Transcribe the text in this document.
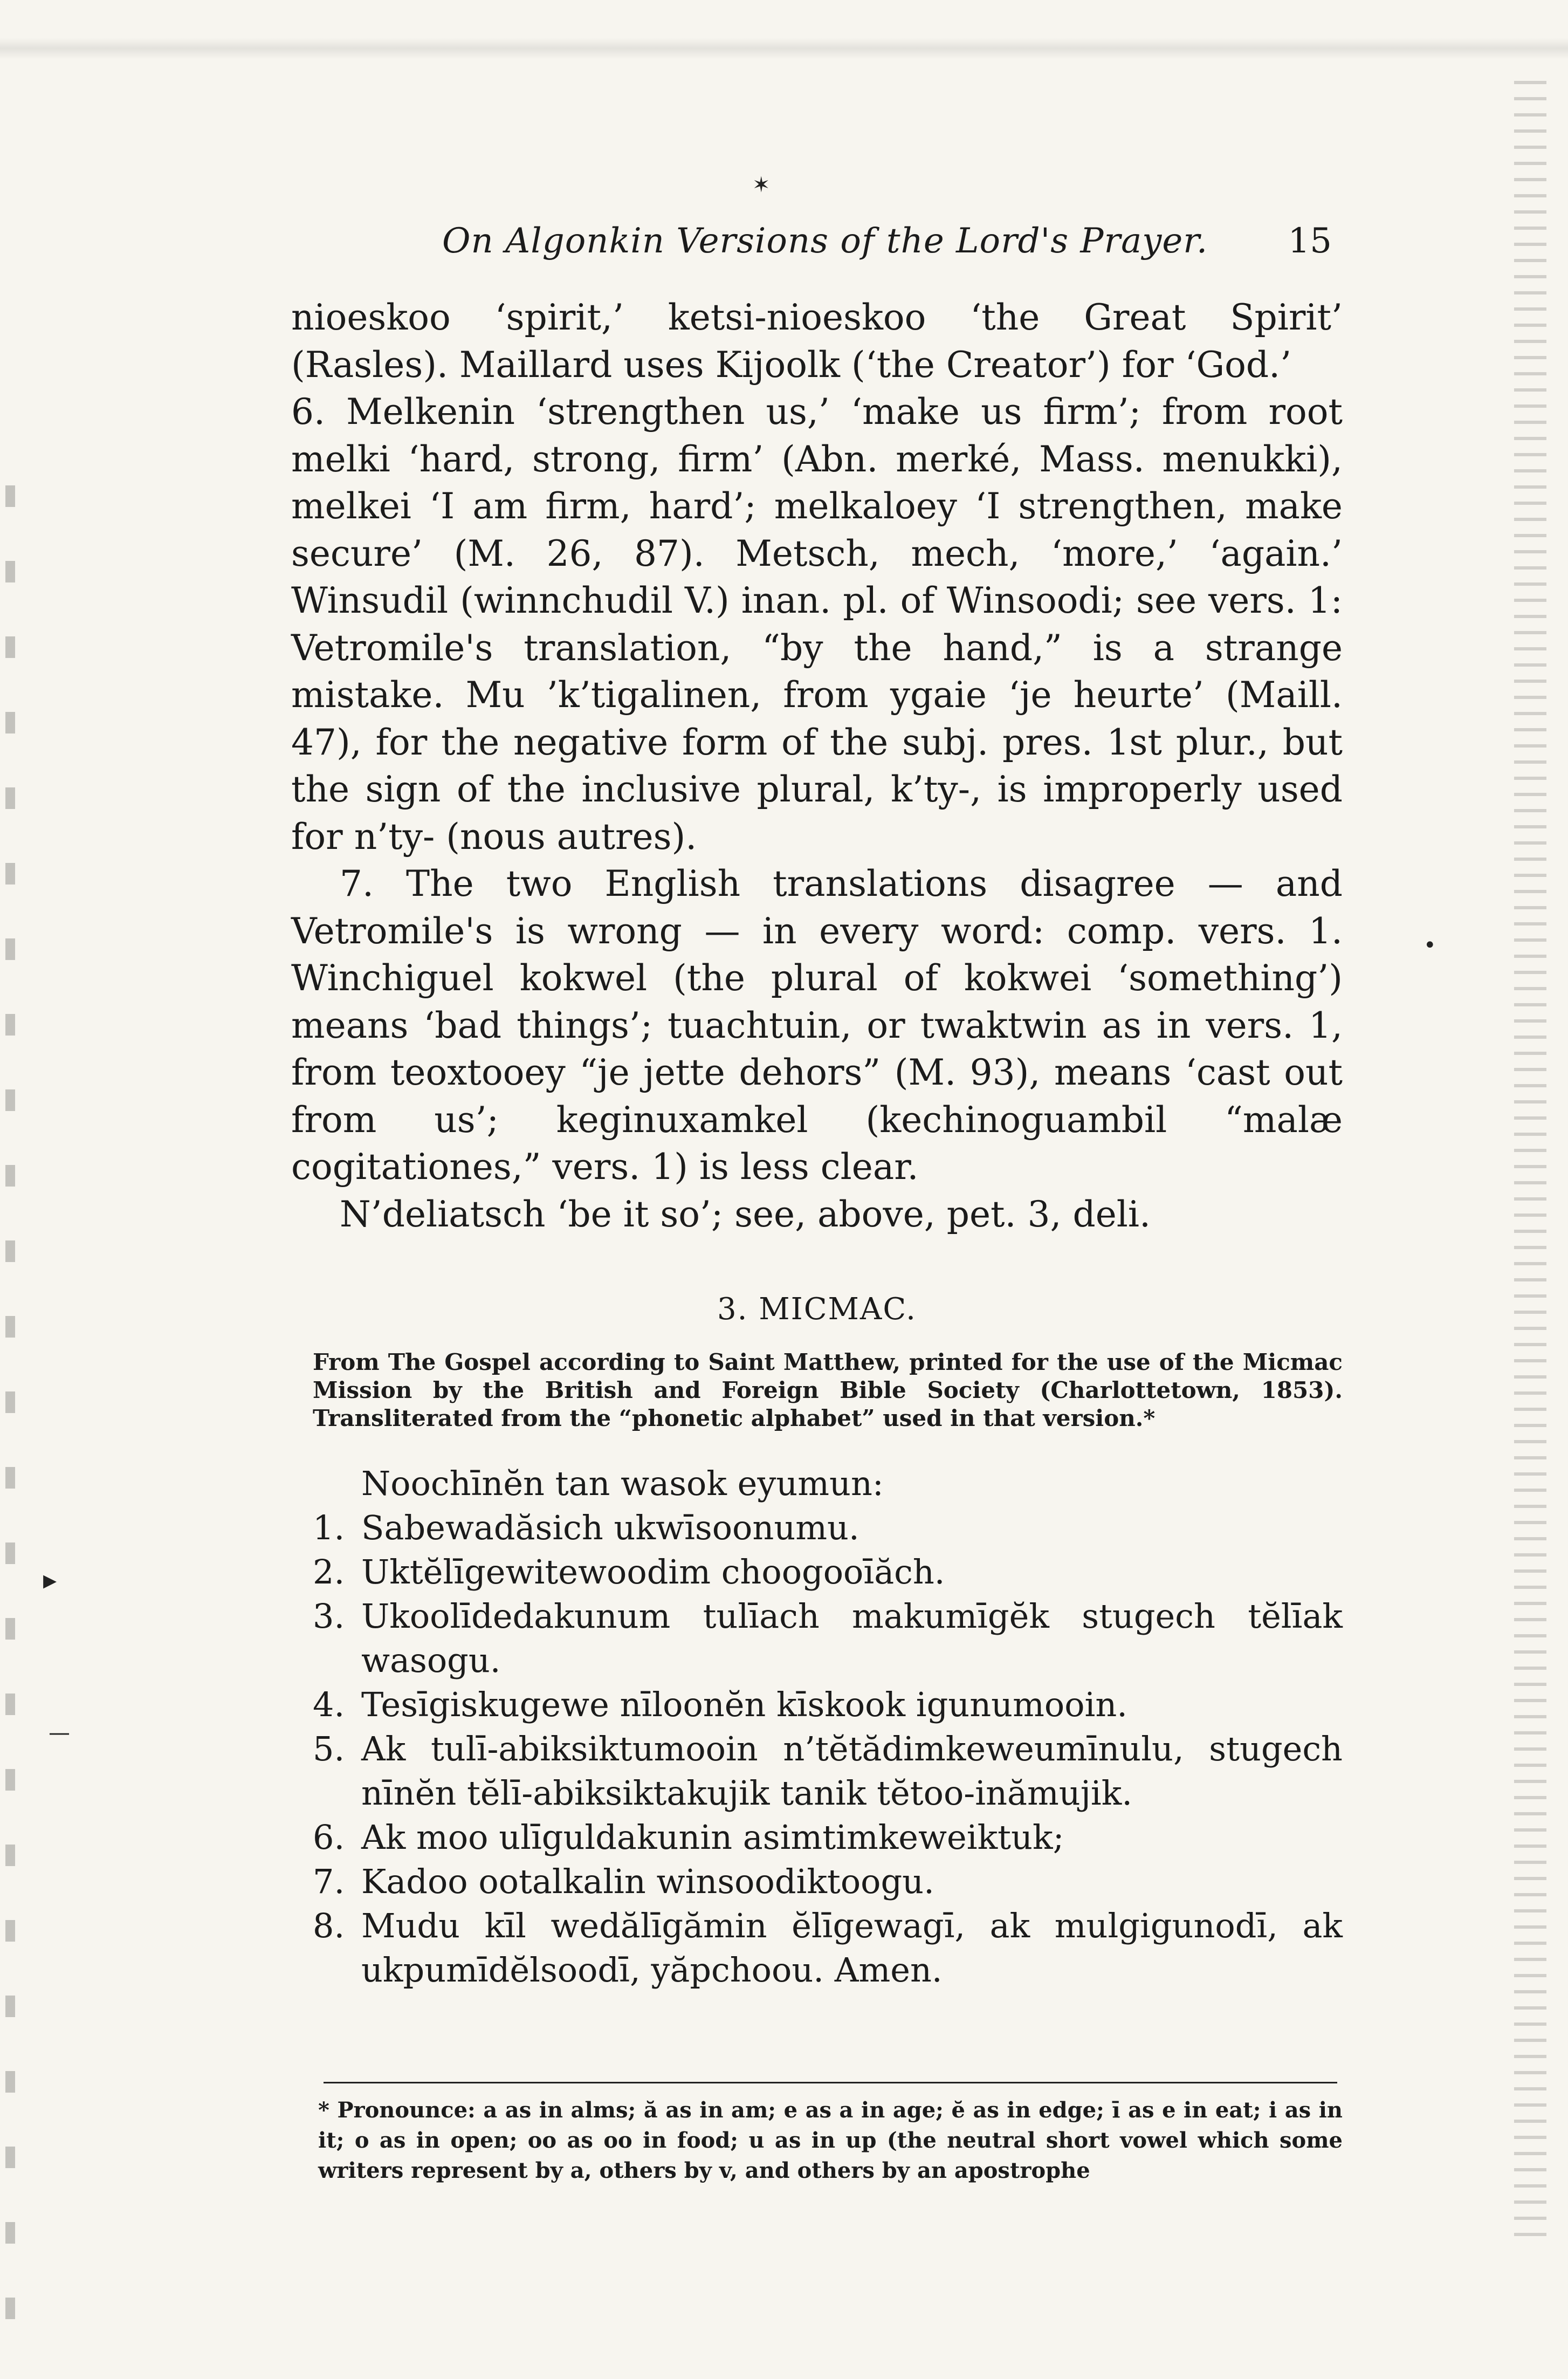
✶
•
▸
—
On Algonkin Versions of the Lord's Prayer. 15

nioeskoo ‘spirit,’ ketsi-nioeskoo ‘the Great Spirit’ (Rasles). Maillard uses Kijoolk (‘the Creator’) for ‘God.’

6. Melkenin ‘strengthen us,’ ‘make us firm’; from root melki ‘hard, strong, firm’ (Abn. merké, Mass. menukki), melkei ‘I am firm, hard’; melkaloey ‘I strengthen, make secure’ (M. 26, 87). Metsch, mech, ‘more,’ ‘again.’ Winsudil (winnchudil V.) inan. pl. of Winsoodi; see vers. 1: Vetromile's translation, “by the hand,” is a strange mistake. Mu ’k’tigalinen, from ygaie ‘je heurte’ (Maill. 47), for the negative form of the subj. pres. 1st plur., but the sign of the inclusive plural, k’ty-, is improperly used for n’ty- (nous autres).

7. The two English translations disagree — and Vetromile's is wrong — in every word: comp. vers. 1. Winchiguel kokwel (the plural of kokwei ‘something’) means ‘bad things’; tuachtuin, or twaktwin as in vers. 1, from teoxtooey “je jette dehors” (M. 93), means ‘cast out from us’; keginuxamkel (kechinoguambil “malæ cogitationes,” vers. 1) is less clear.

N’deliatsch ‘be it so’; see, above, pet. 3, deli.

3. MICMAC.
From The Gospel according to Saint Matthew, printed for the use of the Micmac Mission by the British and Foreign Bible Society (Charlottetown, 1853). Transliterated from the “phonetic alphabet” used in that version.*
Noochīnĕn tan wasok eyumun:
1. Sabewadăsich ukwīsoonumu.
2. Uktĕlīgewitewoodim choogooīăch.
3. Ukoolīdedakunum tulīach makumīgĕk stugech tĕlīak wasogu.
4. Tesīgiskugewe nīloonĕn kīskook igunumooin.
5. Ak tulī-abiksiktumooin n’tĕtădimkeweumīnulu, stugech nīnĕn tĕlī-abiksiktakujik tanik tĕtoo-inămujik.
6. Ak moo ulīguldakunin asimtimkeweiktuk;
7. Kadoo ootalkalin winsoodiktoogu.
8. Mudu kīl wedălīgămin ĕlīgewagī, ak mulgigunodī, ak ukpumīdĕlsoodī, yăpchoou. Amen.
* Pronounce: a as in alms; ă as in am; e as a in age; ĕ as in edge; ī as e in eat; i as in it; o as in open; oo as oo in food; u as in up (the neutral short vowel which some writers represent by a, others by v, and others by an apostrophe
